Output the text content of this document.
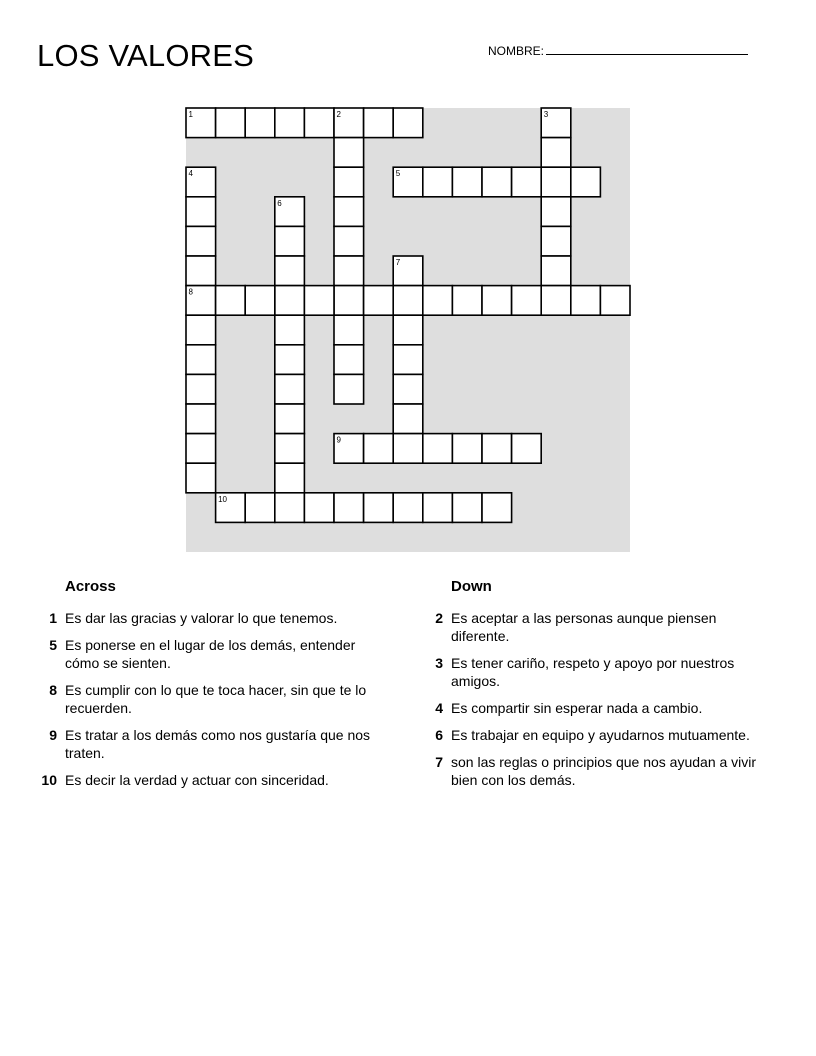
LOS VALORES	NOMBRE:
1	2	3
4	5
6
7
8
9
10
Across
1 Es dar las gracias y valorar lo que tenemos.
5 Es ponerse en el lugar de los demás, entender cómo se sienten.
8 Es cumplir con lo que te toca hacer, sin que te lo recuerden.
9 Es tratar a los demás como nos gustaría que nos traten.
10 Es decir la verdad y actuar con sinceridad.
Down
2 Es aceptar a las personas aunque piensen diferente.
3 Es tener cariño, respeto y apoyo por nuestros amigos.
4 Es compartir sin esperar nada a cambio.
6 Es trabajar en equipo y ayudarnos mutuamente.
7 son las reglas o principios que nos ayudan a vivir bien con los demás.
